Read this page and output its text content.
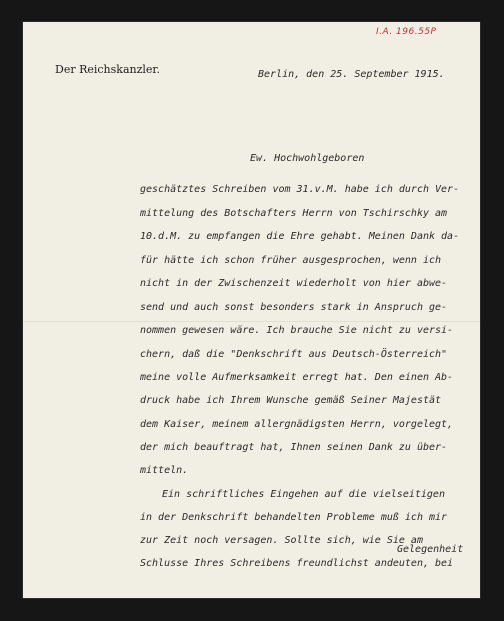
I.A. 196.55P
Der Reichskanzler.	Berlin, den 25. September 1915.
Ew. Hochwohlgeboren
geschätztes Schreiben vom 31.v.M. habe ich durch Ver-
mittelung des Botschafters Herrn von Tschirschky am
10.d.M. zu empfangen die Ehre gehabt. Meinen Dank da-
für hätte ich schon früher ausgesprochen, wenn ich
nicht in der Zwischenzeit wiederholt von hier abwe-
send und auch sonst besonders stark in Anspruch ge-
nommen gewesen wäre. Ich brauche Sie nicht zu versi-
chern, daß die "Denkschrift aus Deutsch-Österreich"
meine volle Aufmerksamkeit erregt hat. Den einen Ab-
druck habe ich Ihrem Wunsche gemäß Seiner Majestät
dem Kaiser, meinem allergnädigsten Herrn, vorgelegt,
der mich beauftragt hat, Ihnen seinen Dank zu über-
mitteln.
Ein schriftliches Eingehen auf die vielseitigen
in der Denkschrift behandelten Probleme muß ich mir
zur Zeit noch versagen. Sollte sich, wie Sie am
Schlusse Ihres Schreibens freundlichst andeuten, bei
Gelegenheit
